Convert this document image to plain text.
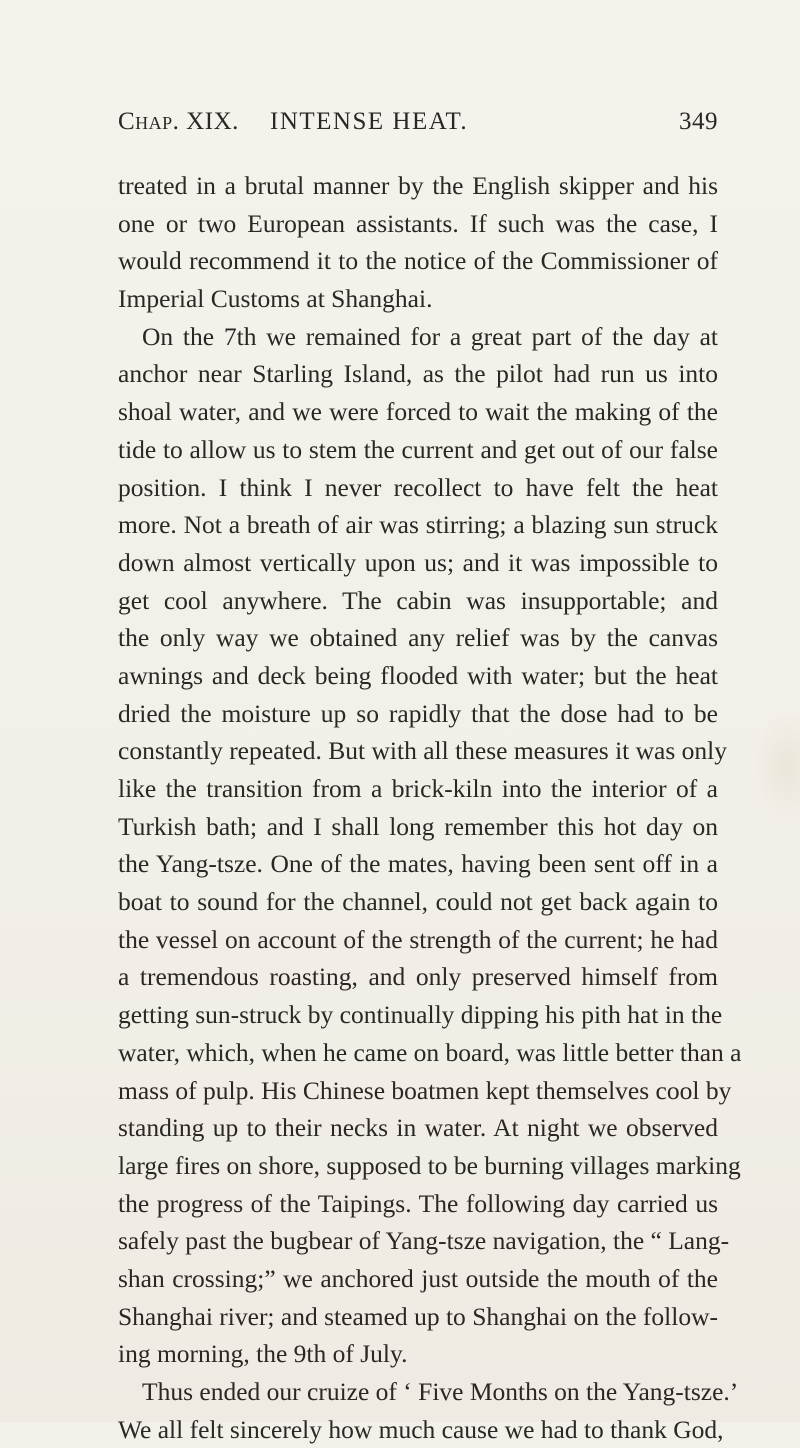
Chap. XIX. INTENSE HEAT.	349
treated in a brutal manner by the English skipper and his
one or two European assistants. If such was the case, I
would recommend it to the notice of the Commissioner of
Imperial Customs at Shanghai.
On the 7th we remained for a great part of the day at
anchor near Starling Island, as the pilot had run us into
shoal water, and we were forced to wait the making of the
tide to allow us to stem the current and get out of our false
position. I think I never recollect to have felt the heat
more. Not a breath of air was stirring; a blazing sun struck
down almost vertically upon us; and it was impossible to
get cool anywhere. The cabin was insupportable; and
the only way we obtained any relief was by the canvas
awnings and deck being flooded with water; but the heat
dried the moisture up so rapidly that the dose had to be
constantly repeated. But with all these measures it was only
like the transition from a brick-kiln into the interior of a
Turkish bath; and I shall long remember this hot day on
the Yang-tsze. One of the mates, having been sent off in a
boat to sound for the channel, could not get back again to
the vessel on account of the strength of the current; he had
a tremendous roasting, and only preserved himself from
getting sun-struck by continually dipping his pith hat in the
water, which, when he came on board, was little better than a
mass of pulp. His Chinese boatmen kept themselves cool by
standing up to their necks in water. At night we observed
large fires on shore, supposed to be burning villages marking
the progress of the Taipings. The following day carried us
safely past the bugbear of Yang-tsze navigation, the “ Lang-
shan crossing;” we anchored just outside the mouth of the
Shanghai river; and steamed up to Shanghai on the follow-
ing morning, the 9th of July.
Thus ended our cruize of ‘ Five Months on the Yang-tsze.’
We all felt sincerely how much cause we had to thank God,
